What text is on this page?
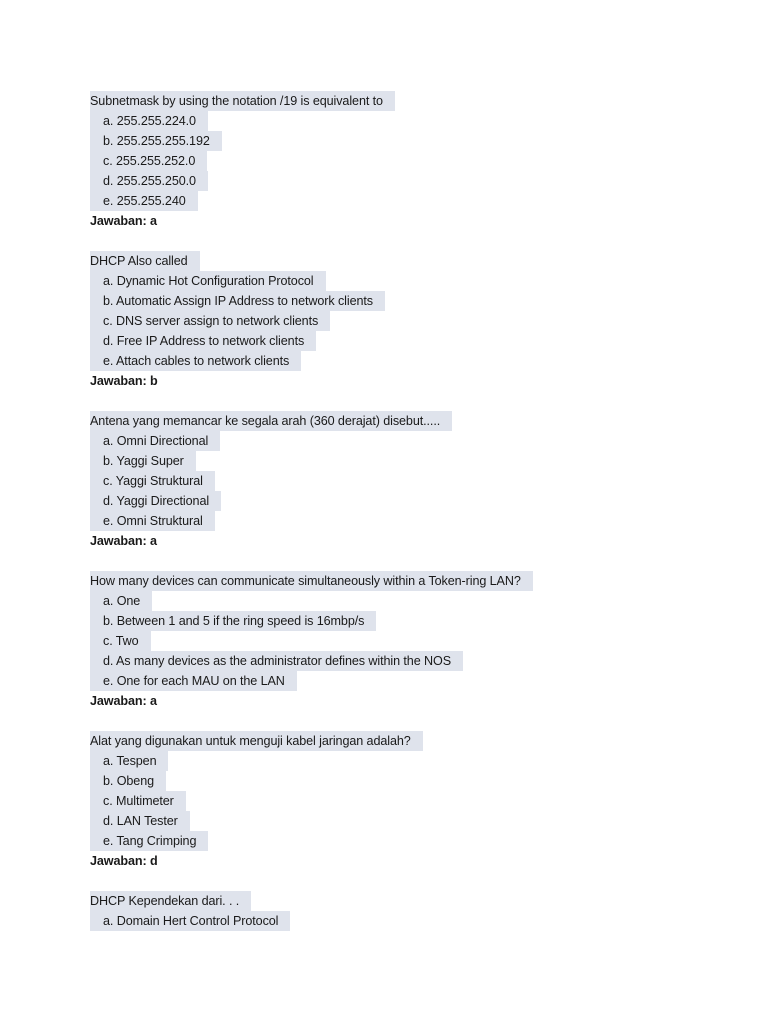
Subnetmask by using the notation /19 is equivalent to
a. 255.255.224.0
b. 255.255.255.192
c. 255.255.252.0
d. 255.255.250.0
e. 255.255.240
Jawaban: a
DHCP Also called
a. Dynamic Hot Configuration Protocol
b. Automatic Assign IP Address to network clients
c. DNS server assign to network clients
d. Free IP Address to network clients
e. Attach cables to network clients
Jawaban: b
Antena yang memancar ke segala arah (360 derajat) disebut.....
a. Omni Directional
b. Yaggi Super
c. Yaggi Struktural
d. Yaggi Directional
e. Omni Struktural
Jawaban: a
How many devices can communicate simultaneously within a Token-ring LAN?
a. One
b. Between 1 and 5 if the ring speed is 16mbp/s
c. Two
d. As many devices as the administrator defines within the NOS
e. One for each MAU on the LAN
Jawaban: a
Alat yang digunakan untuk menguji kabel jaringan adalah?
a. Tespen
b. Obeng
c. Multimeter
d. LAN Tester
e. Tang Crimping
Jawaban: d
DHCP Kependekan dari. . .
a. Domain Hert Control Protocol
